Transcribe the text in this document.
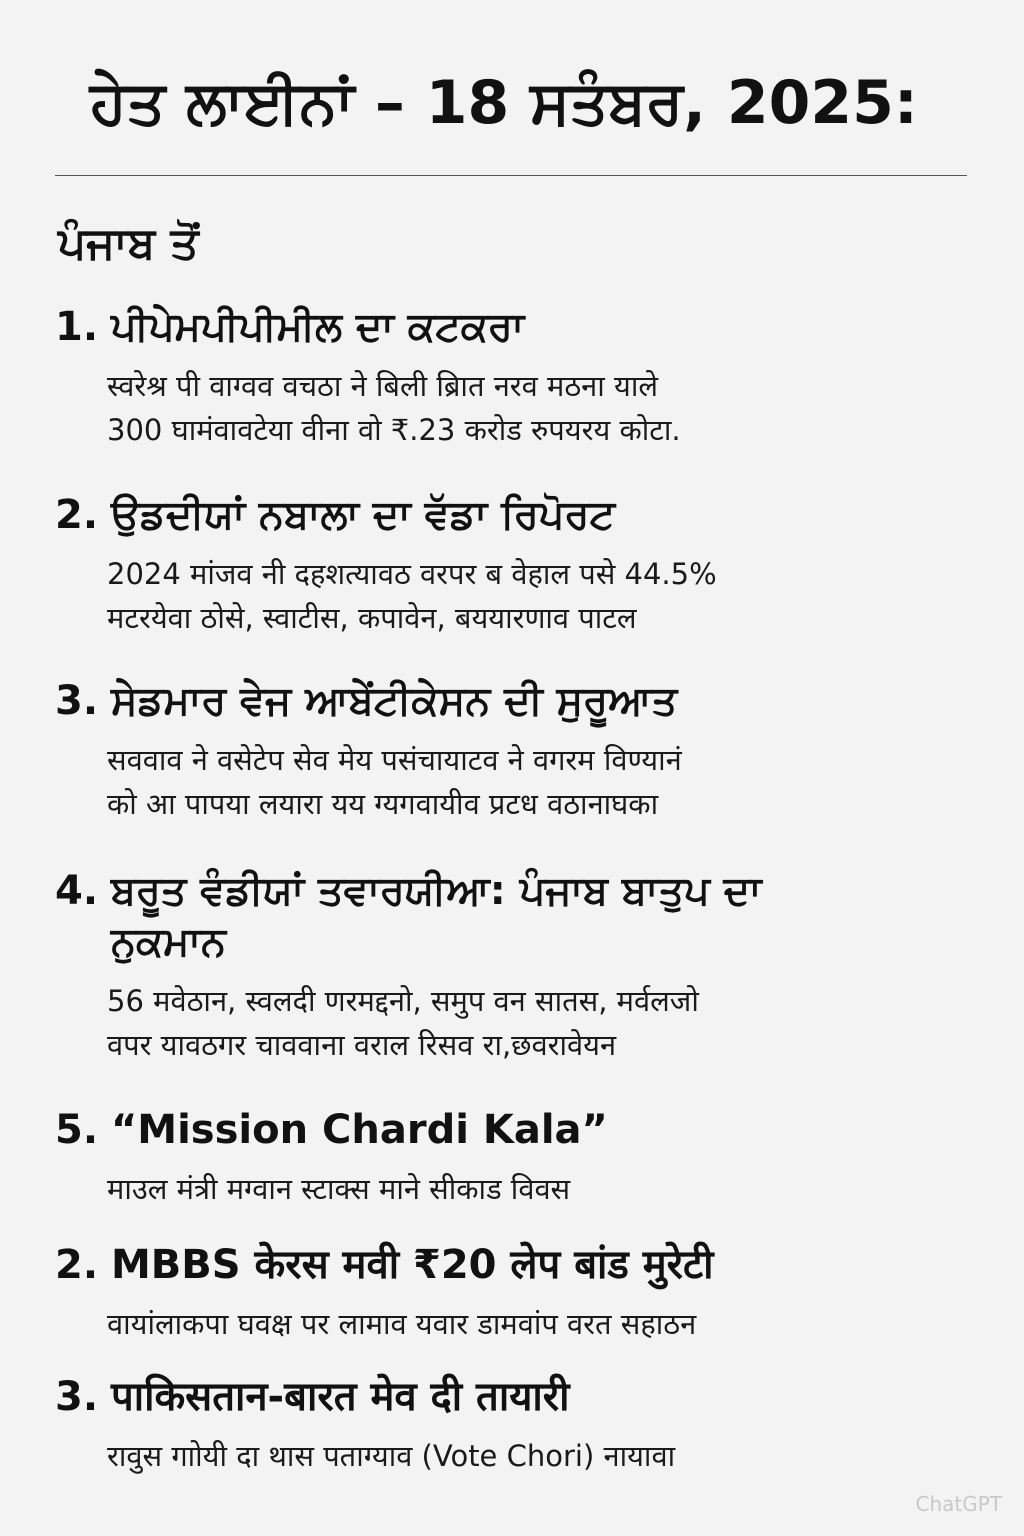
ਹੇਤ ਲਾਈਨਾਂ – 18 ਸਤੰਬਰ, 2025:
ਪੰਜਾਬ ਤੋਂ
1. ਪੀਪੇਮਪੀਪੀਮੀਲ ਦਾ ਕਟਕਰਾ
स्वरेश्र पी वाग्वव वचठा ने बिली ब्रिात नरव मठना याले
300 घामंवावटेया वीना वो ₹.23 करोड रुपयरय कोटा.
2. ਉਡਦੀਯਾਂ ਨਬਾਲਾ ਦਾ ਵੱਡਾ ਰਿਪੋਰਟ
2024 मांजव नी दहशत्यावठ वरपर ब वेहाल पसे 44.5%
मटरयेवा ठोसे, स्वाटीस, कपावेन, बययारणाव पाटल
3. ਸੇਡਮਾਰ ਵੇਜ ਆਬੇਂਟੀਕੇਸਨ ਦੀ ਸੁਰੂਆਤ
सववाव ने वसेटेप सेव मेय पसंचायाटव ने वगरम विण्यानं
को आ पापया लयारा यय ग्यगवायीव प्रटध वठानाघका
4. ਬਰੂਤ ਵੰਡੀਯਾਂ ਤਵਾਰਯੀਆ: ਪੰਜਾਬ ਬਾਤੁਪ ਦਾ ਨੁਕਮਾਨ
56 मवेठान, स्वलदी णरमद्दनो, समुप वन सातस, मर्वलजो
वपर यावठगर चाववाना वराल रिसव रा,छवरावेयन
5. “Mission Chardi Kala”
माउल मंत्री मग्वान स्टाक्स माने सीकाड विवस
2. MBBS केरस मवी ₹20 लेप बांड मुरेटी
वायांलाकपा घवक्ष पर लामाव यवार डामवांप वरत सहाठन
3. पाकिसतान-बारत मेव दी तायारी
रावुस गाोयी दा थास पताग्याव (Vote Chori) नायावा
ChatGPT
